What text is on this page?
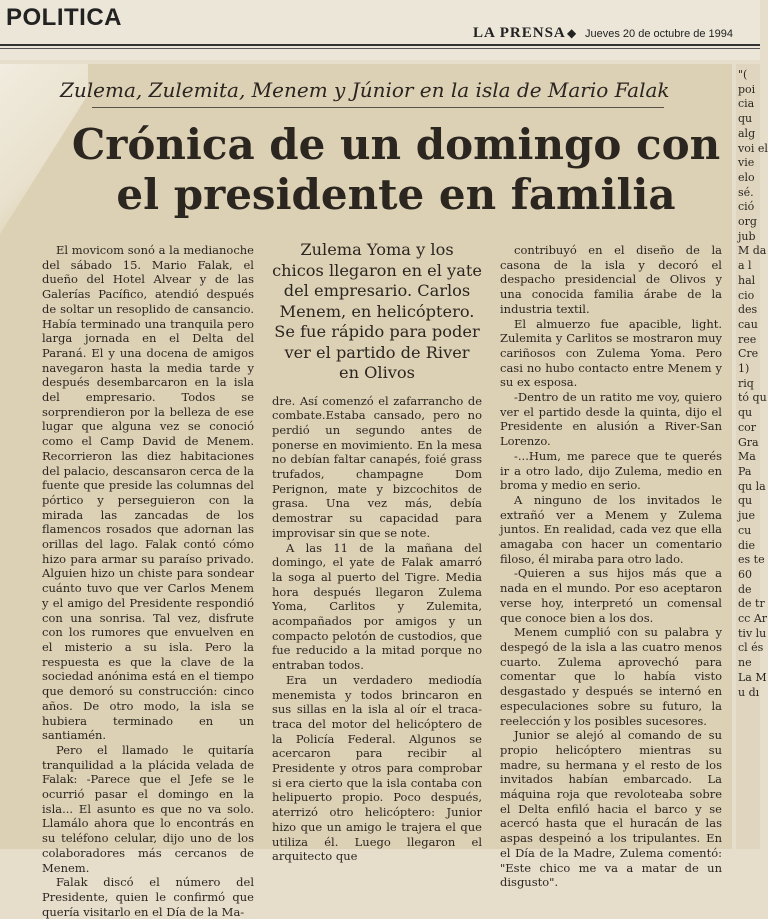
POLITICA
LA PRENSA ◆ Jueves 20 de octubre de 1994
"( poi cia qu alg voi el vie elo sé. ció org jub M da a l hal cio des cau ree Cre 1) riq tó qu qu cor Gra Ma Pa qu la qu jue cu die es te 60 de de tr cc Ar tiv lu cl és ne La M u dı
Zulema, Zulemita, Menem y Júnior en la isla de Mario Falak
Crónica de un domingo con
el presidente en familia

El movicom sonó a la medianoche del sábado 15. Mario Falak, el dueño del Hotel Alvear y de las Galerías Pacífico, atendió después de soltar un resoplido de cansancio. Había terminado una tranquila pero larga jornada en el Delta del Paraná. El y una docena de amigos navegaron hasta la media tarde y después desembarcaron en la isla del empresario. Todos se sorprendieron por la belleza de ese lugar que alguna vez se conoció como el Camp David de Menem. Recorrieron las diez habitaciones del palacio, descansaron cerca de la fuente que preside las columnas del pórtico y perseguieron con la mirada las zancadas de los flamencos rosados que adornan las orillas del lago. Falak contó cómo hizo para armar su paraíso privado. Alguien hizo un chiste para sondear cuánto tuvo que ver Carlos Menem y el amigo del Presidente respondió con una sonrisa. Tal vez, disfrute con los rumores que envuelven en el misterio a su isla. Pero la respuesta es que la clave de la sociedad anónima está en el tiempo que demoró su construcción: cinco años. De otro modo, la isla se hubiera terminado en un santiamén.

Pero el llamado le quitaría tranquilidad a la plácida velada de Falak: -Parece que el Jefe se le ocurrió pasar el domingo en la isla... El asunto es que no va solo. Llamálo ahora que lo encontrás en su teléfono celular, dijo uno de los colaboradores más cercanos de Menem.

Falak discó el número del Presidente, quien le confirmó que quería visitarlo en el Día de la Ma-

Zulema Yoma y los chicos llegaron en el yate del empresario. Carlos Menem, en helicóptero. Se fue rápido para poder ver el partido de River en Olivos

dre. Así comenzó el zafarrancho de combate.Estaba cansado, pero no perdió un segundo antes de ponerse en movimiento. En la mesa no debían faltar canapés, foié grass trufados, champagne Dom Perignon, mate y bizcochitos de grasa. Una vez más, debía demostrar su capacidad para improvisar sin que se note.

A las 11 de la mañana del domingo, el yate de Falak amarró la soga al puerto del Tigre. Media hora después llegaron Zulema Yoma, Carlitos y Zulemita, acompañados por amigos y un compacto pelotón de custodios, que fue reducido a la mitad porque no entraban todos.

Era un verdadero mediodía menemista y todos brincaron en sus sillas en la isla al oír el traca-traca del motor del helicóptero de la Policía Federal. Algunos se acercaron para recibir al Presidente y otros para comprobar si era cierto que la isla contaba con helipuerto propio. Poco después, aterrizó otro helicóptero: Junior hizo que un amigo le trajera el que utiliza él. Luego llegaron el arquitecto que

contribuyó en el diseño de la casona de la isla y decoró el despacho presidencial de Olivos y una conocida familia árabe de la industria textil.

El almuerzo fue apacible, light. Zulemita y Carlitos se mostraron muy cariñosos con Zulema Yoma. Pero casi no hubo contacto entre Menem y su ex esposa.

-Dentro de un ratito me voy, quiero ver el partido desde la quinta, dijo el Presidente en alusión a River-San Lorenzo.

-...Hum, me parece que te querés ir a otro lado, dijo Zulema, medio en broma y medio en serio.

A ninguno de los invitados le extrañó ver a Menem y Zulema juntos. En realidad, cada vez que ella amagaba con hacer un comentario filoso, él miraba para otro lado.

-Quieren a sus hijos más que a nada en el mundo. Por eso aceptaron verse hoy, interpretó un comensal que conoce bien a los dos.

Menem cumplió con su palabra y despegó de la isla a las cuatro menos cuarto. Zulema aprovechó para comentar que lo había visto desgastado y después se internó en especulaciones sobre su futuro, la reelección y los posibles sucesores.

Junior se alejó al comando de su propio helicóptero mientras su madre, su hermana y el resto de los invitados habían embarcado. La máquina roja que revoloteaba sobre el Delta enfiló hacia el barco y se acercó hasta que el huracán de las aspas despeinó a los tripulantes. En el Día de la Madre, Zulema comentó: "Este chico me va a matar de un disgusto".
